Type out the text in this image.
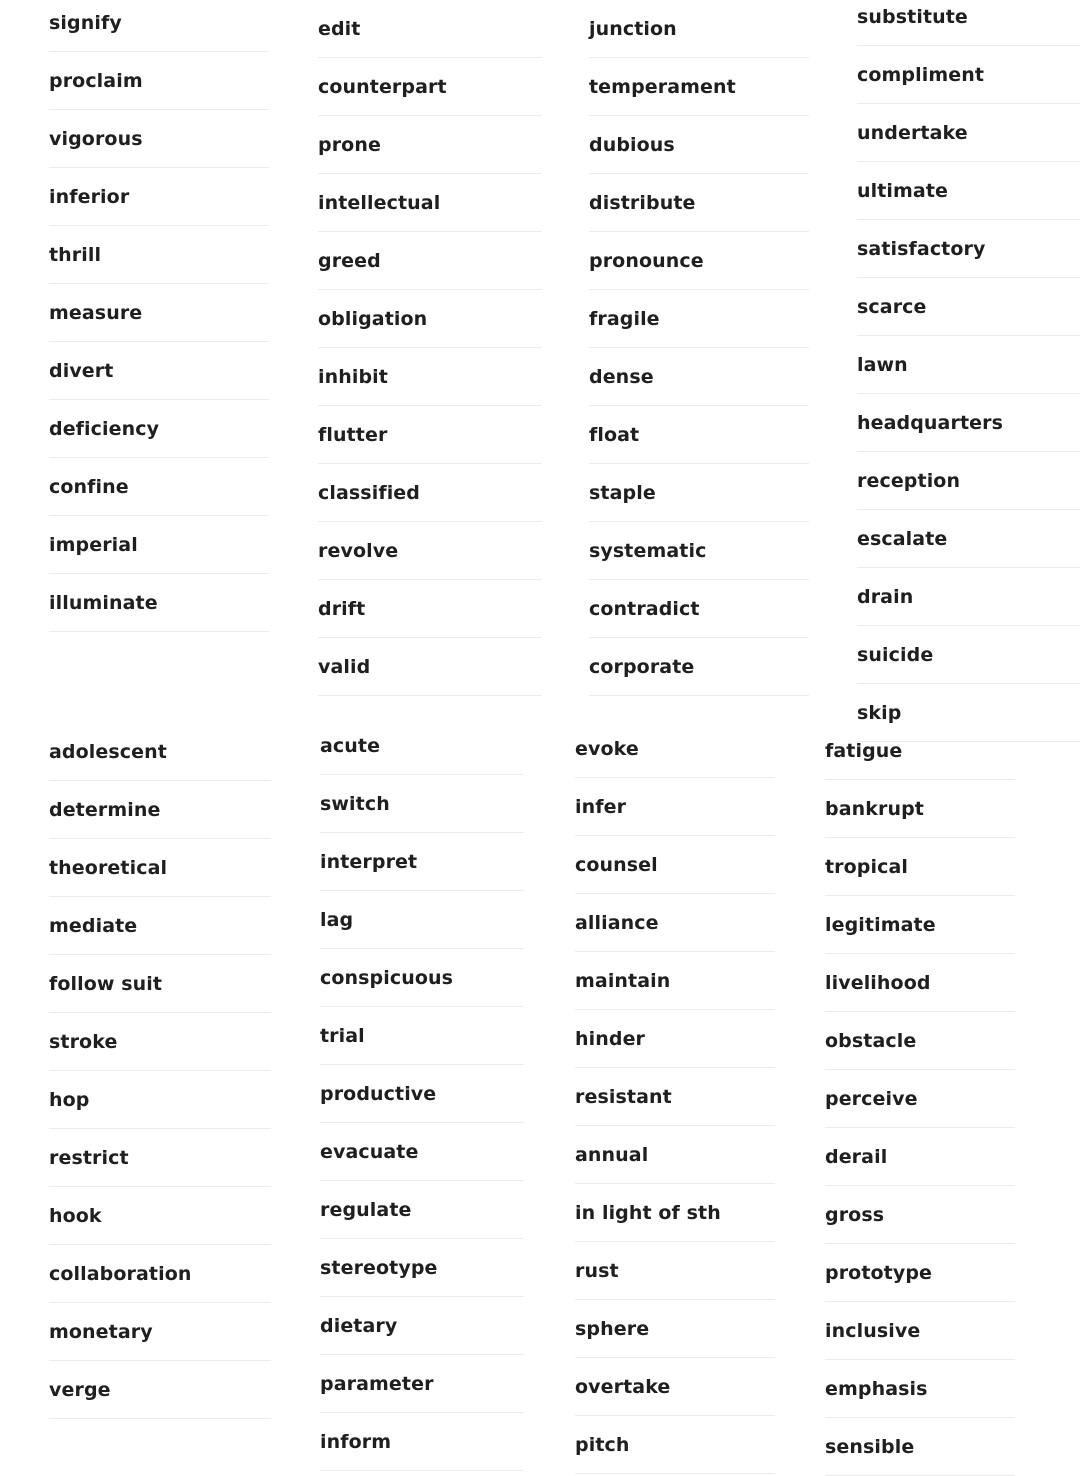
signify
proclaim
vigorous
inferior
thrill
measure
divert
deficiency
confine
imperial
illuminate
edit
counterpart
prone
intellectual
greed
obligation
inhibit
flutter
classified
revolve
drift
valid
junction
temperament
dubious
distribute
pronounce
fragile
dense
float
staple
systematic
contradict
corporate
substitute
compliment
undertake
ultimate
satisfactory
scarce
lawn
headquarters
reception
escalate
drain
suicide
skip
adolescent
determine
theoretical
mediate
follow suit
stroke
hop
restrict
hook
collaboration
monetary
verge
acute
switch
interpret
lag
conspicuous
trial
productive
evacuate
regulate
stereotype
dietary
parameter
inform
evoke
infer
counsel
alliance
maintain
hinder
resistant
annual
in light of sth
rust
sphere
overtake
pitch
fatigue
bankrupt
tropical
legitimate
livelihood
obstacle
perceive
derail
gross
prototype
inclusive
emphasis
sensible
